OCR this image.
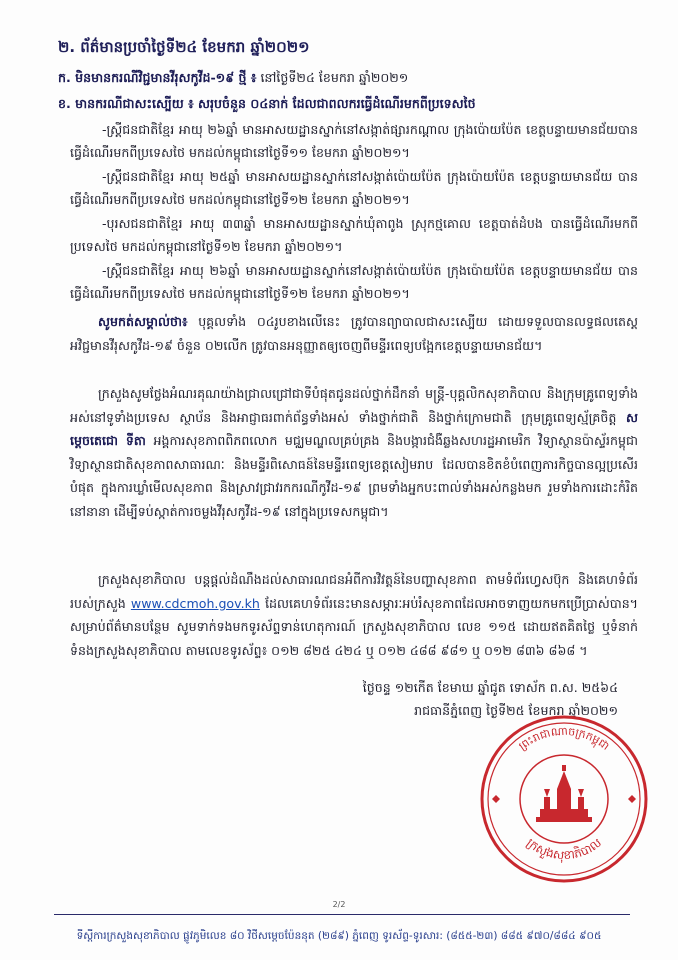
២. ព័ត៌មានប្រចាំថ្ងៃទី២៤ ខែមករា ឆ្នាំ២០២១
ក. មិនមានករណីវិជ្ជមានវីរុសកូវីដ-១៩ ថ្មី ៖ នៅថ្ងៃទី២៤ ខែមករា ឆ្នាំ២០២១
ខ. មានករណីជាសះស្បើយ ៖ សរុបចំនួន ០៤នាក់ ដែលជាពលករធ្វើដំណើរមកពីប្រទេសថៃ
-ស្ត្រីជនជាតិខ្មែរ អាយុ ២៦ឆ្នាំ មានអាសយដ្ឋានស្នាក់នៅសង្កាត់ផ្សារកណ្ដាល ក្រុងប៉ោយប៉ែត ខេត្តបន្ទាយមានជ័យបានធ្វើដំណើរមកពីប្រទេសថៃ មកដល់កម្ពុជានៅថ្ងៃទី១១ ខែមករា ឆ្នាំ២០២១។
-ស្ត្រីជនជាតិខ្មែរ អាយុ ២៥ឆ្នាំ មានអាសយដ្ឋានស្នាក់នៅសង្កាត់ប៉ោយប៉ែត ក្រុងប៉ោយប៉ែត ខេត្តបន្ទាយមានជ័យ បានធ្វើដំណើរមកពីប្រទេសថៃ មកដល់កម្ពុជានៅថ្ងៃទី១២ ខែមករា ឆ្នាំ២០២១។
-បុរសជនជាតិខ្មែរ អាយុ ៣៣ឆ្នាំ មានអាសយដ្ឋានស្នាក់ឃុំតាពូង ស្រុកថ្មគោល ខេត្តបាត់ដំបង បានធ្វើដំណើរមកពីប្រទេសថៃ មកដល់កម្ពុជានៅថ្ងៃទី១២ ខែមករា ឆ្នាំ២០២១។
-ស្ត្រីជនជាតិខ្មែរ អាយុ ២៦ឆ្នាំ មានអាសយដ្ឋានស្នាក់នៅសង្កាត់ប៉ោយប៉ែត ក្រុងប៉ោយប៉ែត ខេត្តបន្ទាយមានជ័យ បានធ្វើដំណើរមកពីប្រទេសថៃ មកដល់កម្ពុជានៅថ្ងៃទី១២ ខែមករា ឆ្នាំ២០២១។
សូមកត់សម្គាល់ថា៖ បុគ្គលទាំង ០៤រូបខាងលើនេះ ត្រូវបានព្យាបាលជាសះស្បើយ ដោយទទួលបានលទ្ធផលតេស្ត អវិជ្ជមានវីរុសកូវីដ-១៩ ចំនួន ០២លើក ត្រូវបានអនុញ្ញាតឲ្យចេញពីមន្ទីរពេទ្យបង្អែកខេត្តបន្ទាយមានជ័យ។
ក្រសួងសូមថ្លែងអំណរគុណយ៉ាងជ្រាលជ្រៅជាទីបំផុតជូនដល់ថ្នាក់ដឹកនាំ មន្ត្រី-បុគ្គលិកសុខាភិបាល និងក្រុមគ្រូពេទ្យទាំងអស់នៅទូទាំងប្រទេស ស្ថាប័ន និងអាជ្ញាធរពាក់ព័ន្ធទាំងអស់ ទាំងថ្នាក់ជាតិ និងថ្នាក់ក្រោមជាតិ ក្រុមគ្រូពេទ្យស្ម័គ្រចិត្ត សម្តេចតេជោ ទីតា អង្គការសុខភាពពិភពលោក មជ្ឈមណ្ឌលគ្រប់គ្រង និងបង្ការជំងឺឆ្លងសហរដ្ឋអាមេរិក វិទ្យាស្ថានប៉ាស្ទ័រកម្ពុជា វិទ្យាស្ថានជាតិសុខភាពសាធារណៈ និងមន្ទីរពិសោធន៍នៃមន្ទីរពេទ្យខេត្តសៀមរាប ដែលបានខិតខំបំពេញភារកិច្ចបានល្អប្រសើរបំផុត ក្នុងការឃ្លាំមើលសុខភាព និងស្រាវជ្រាវរកករណីកូវីដ-១៩ ព្រមទាំងអ្នកបះពាល់ទាំងអស់កន្លងមក រួមទាំងការដោះកំរិតនៅនានា ដើម្បីទប់ស្កាត់ការចម្លងវីរុសកូវីដ-១៩ នៅក្នុងប្រទេសកម្ពុជា។
ក្រសួងសុខាភិបាល បន្តផ្ដល់ដំណឹងដល់សាធារណជនអំពីការវិវត្តន៍នៃបញ្ហាសុខភាព តាមទំព័រហ្វេសប៊ុក និងគេហទំព័ររបស់ក្រសួង www.cdcmoh.gov.kh ដែលគេហទំព័រនេះមានសម្ភារៈអប់រំសុខភាពដែលអាចទាញយកមកប្រើប្រាស់បាន។ សម្រាប់ព័ត៌មានបន្ថែម សូមទាក់ទងមកទូរស័ព្ទទាន់ហេតុការណ៍ ក្រសួងសុខាភិបាល លេខ ១១៥ ដោយឥតគិតថ្លៃ ឬទំនាក់ទំនងក្រសួងសុខាភិបាល តាមលេខទូរស័ព្ទ៖ ០១២ ៨២៥ ៤២៤ ឬ ០១២ ៤៨៨ ៩៨១ ឬ ០១២ ៨៣៦ ៨៦៨ ។
ថ្ងៃចន្ទ ១២កើត ខែមាឃ ឆ្នាំជូត ទោស័ក ព.ស. ២៥៦៤
រាជធានីភ្នំពេញ ថ្ងៃទី២៥ ខែមករា ឆ្នាំ២០២១
ព្រះរាជាណាចក្រកម្ពុជា
ក្រសួងសុខាភិបាល
2/2
ទីស្តីការក្រសួងសុខាភិបាល ផ្លូវភូមិលេខ ៨០ វិថីសម្ដេចប៉ែននុត (២៨៩) ភ្នំពេញ ទូរស័ព្ទ-ទូរសារ: (៨៥៥-២៣) ៨៨៥ ៩៧០/៨៨៤ ៩០៥
